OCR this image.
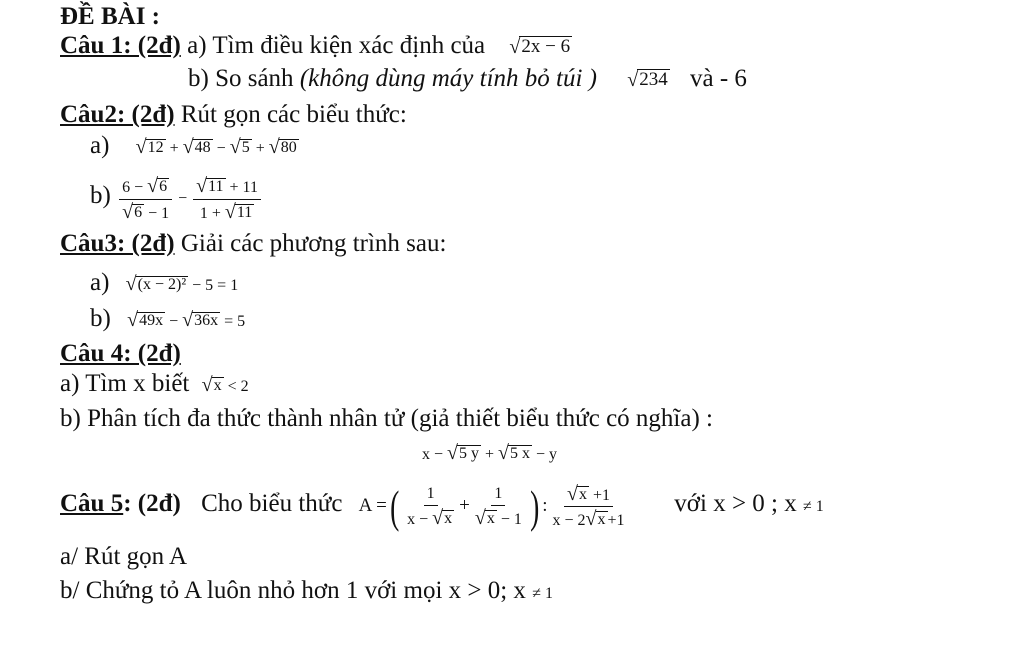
ĐỀ BÀI :
Câu 1: (2đ) a) Tìm điều kiện xác định của √ 2x − 6
b) So sánh (không dùng máy tính bỏ túi ) √ 234 và - 6
Câu2: (2đ) Rút gọn các biểu thức:
a) √ 12 + √ 48 − √ 5 + √ 80
$b) \frac{6 - √ 6}{√ 6 - 1} - \frac{√ 11 + 11}{1 + √ 11}$
Câu3: (2đ) Giải các phương trình sau:
a) √ (x − 2)² − 5 = 1
b) √ 49x − √ 36x = 5
Câu 4: (2đ)
a) Tìm x biết √ x < 2
b) Phân tích đa thức thành nhân tử (giả thiết biểu thức có nghĩa) :
x − √ 5 y + √ 5 x − y
Câu 5: (2đ) Cho biểu thức A =( $\frac{1}{x - √ x} + \frac{1}{√ x - 1}$ ) : $\frac{√ x +1}{x - 2 √ x +1}$ với x > 0 ; x ≠ 1
a/ Rút gọn A
b/ Chứng tỏ A luôn nhỏ hơn 1 với mọi x > 0; x ≠ 1
